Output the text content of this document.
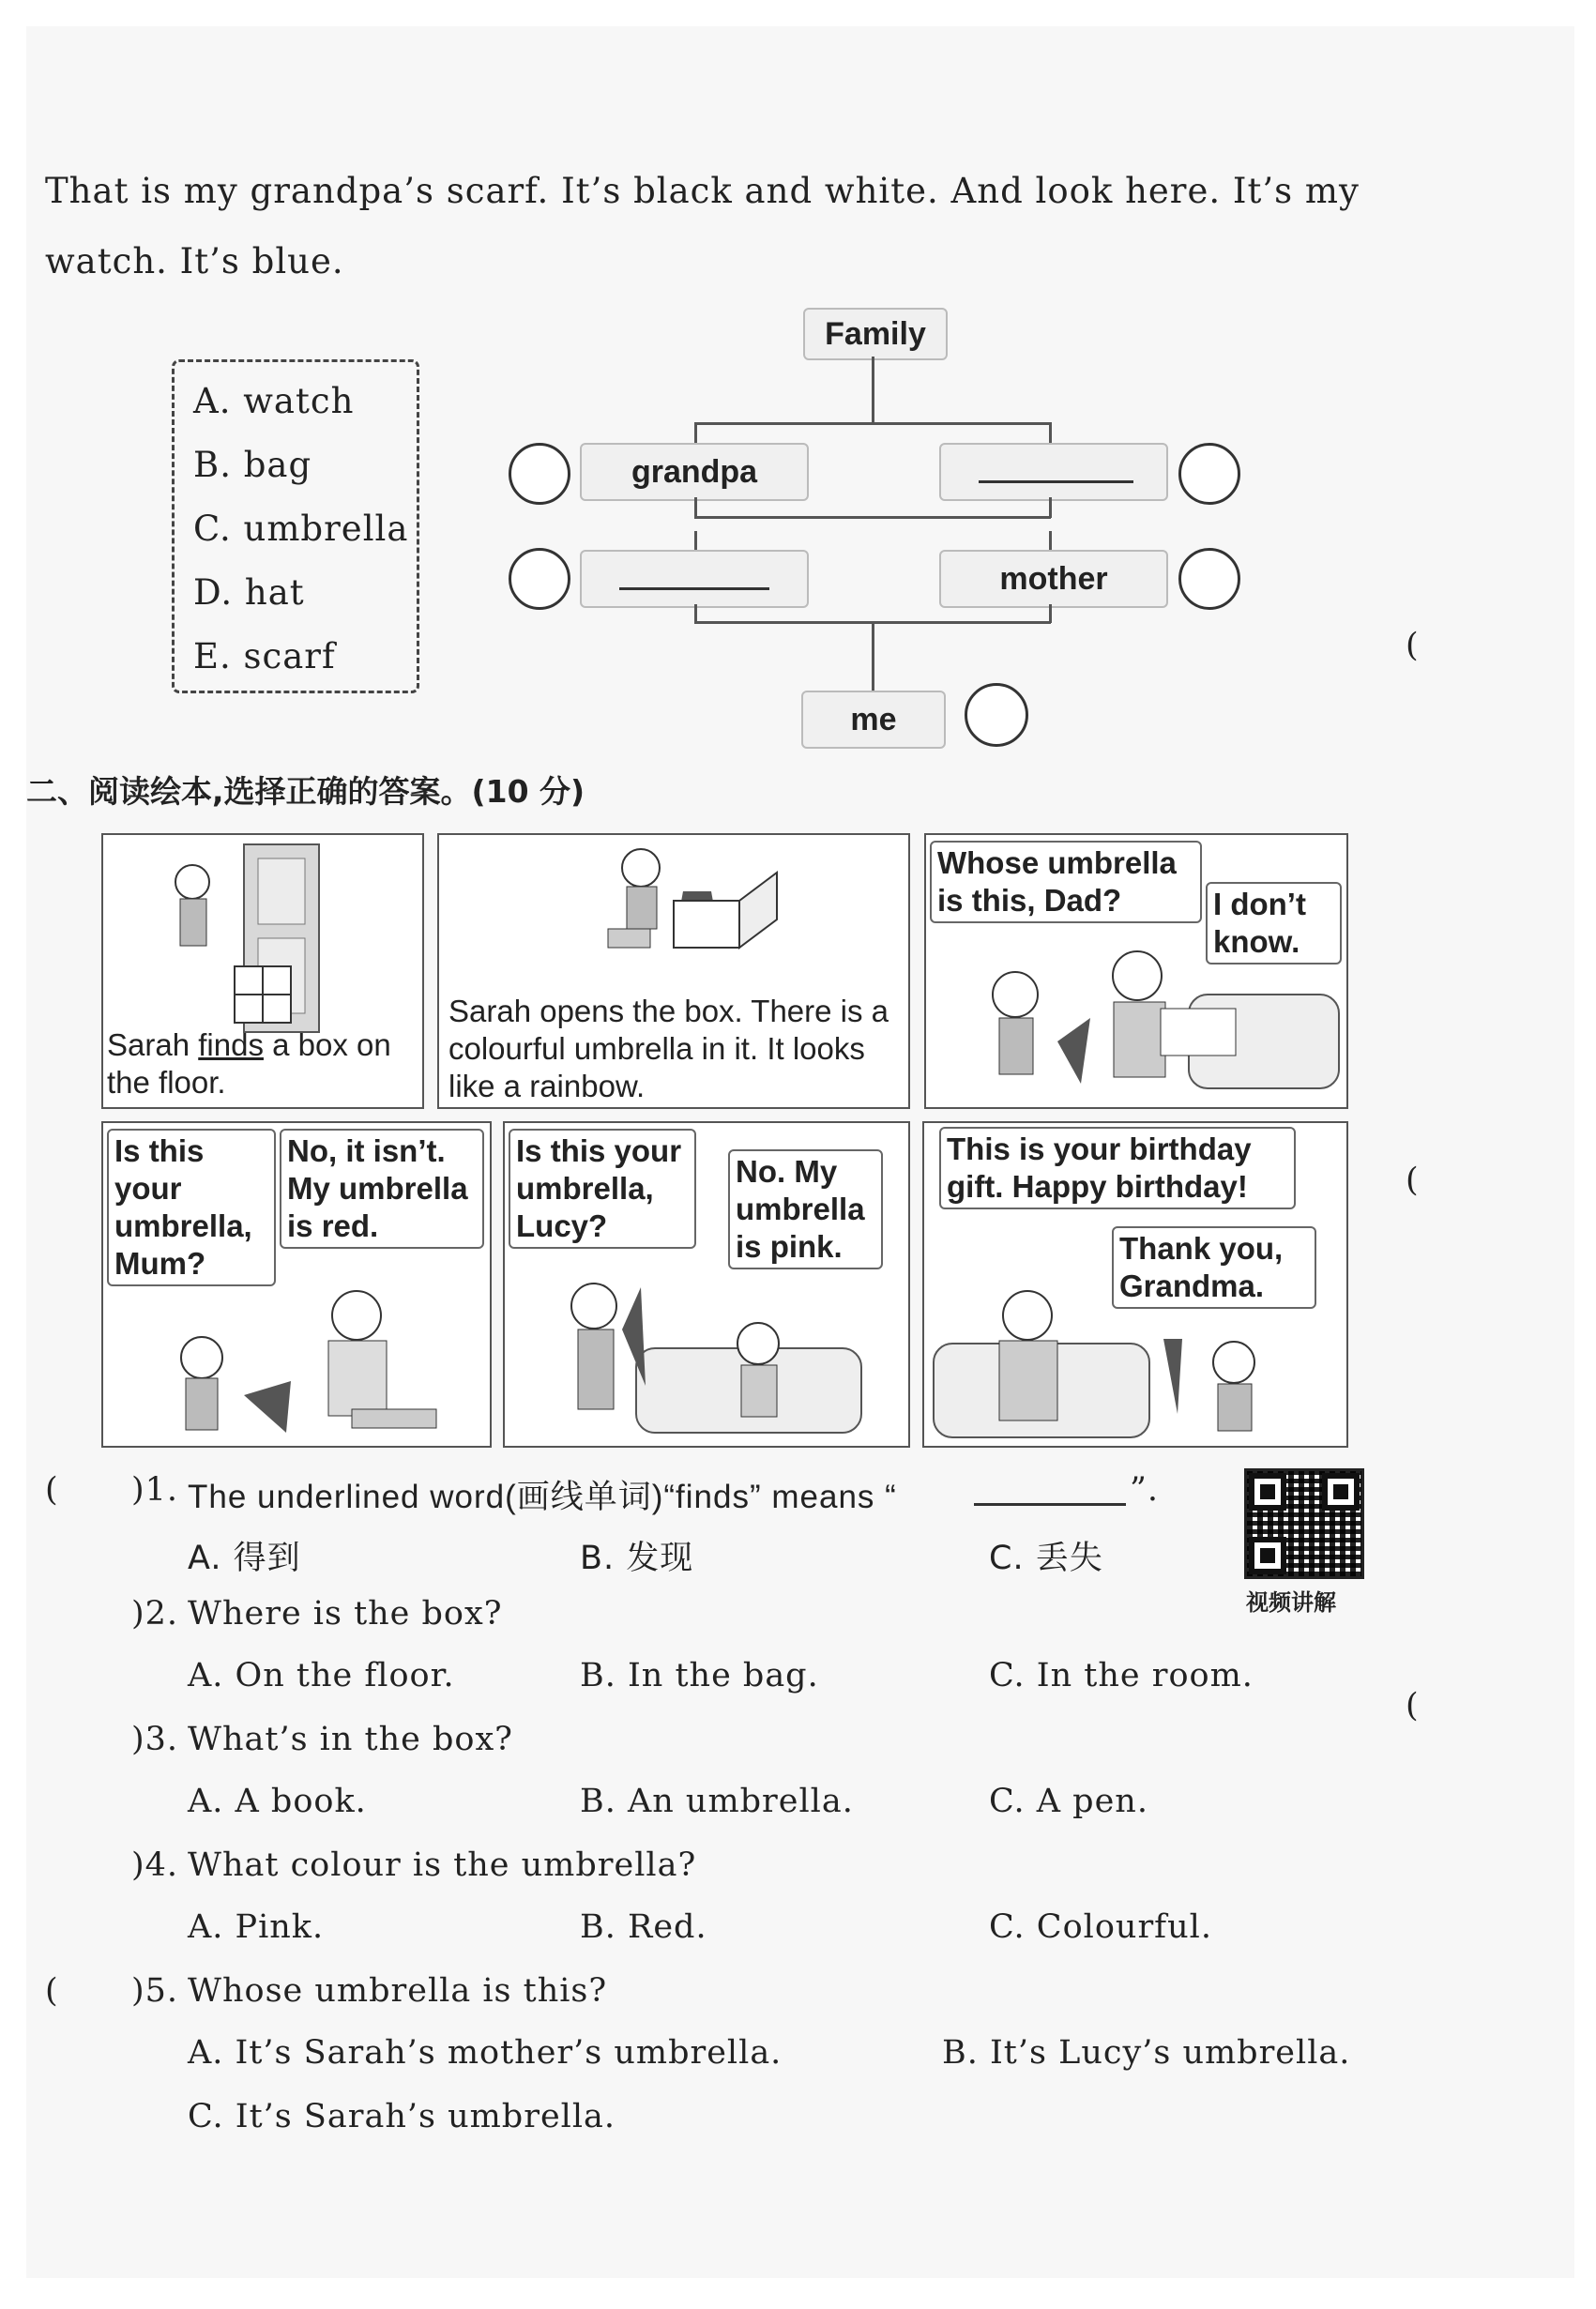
That is my grandpa’s scarf. It’s black and white. And look here. It’s my
watch. It’s blue.
A. watch
B. bag
C. umbrella
D. hat
E. scarf
Family
grandpa
mother
me
(
(
(
二、阅读绘本,选择正确的答案。(10 分)
Sarah finds a box on the floor.
Sarah opens the box. There is a colourful umbrella in it. It looks like a rainbow.
Whose umbrella is this, Dad?	I don’t know.
Is this your umbrella, Mum?
No, it isn’t. My umbrella is red.
Is this your umbrella, Lucy?
No. My umbrella is pink.
This is your birthday gift. Happy birthday!
Thank you, Grandma.
视频讲解
( )1. The underlined word(画线单词)“finds” means “	”.
A. 得到	B. 发现	C. 丢失
)2. Where is the box?
A. On the floor.	B. In the bag.	C. In the room.
)3. What’s in the box?
A. A book.	B. An umbrella.	C. A pen.
)4. What colour is the umbrella?
A. Pink.	B. Red.	C. Colourful.
( )5. Whose umbrella is this?
A. It’s Sarah’s mother’s umbrella.	B. It’s Lucy’s umbrella.
C. It’s Sarah’s umbrella.
